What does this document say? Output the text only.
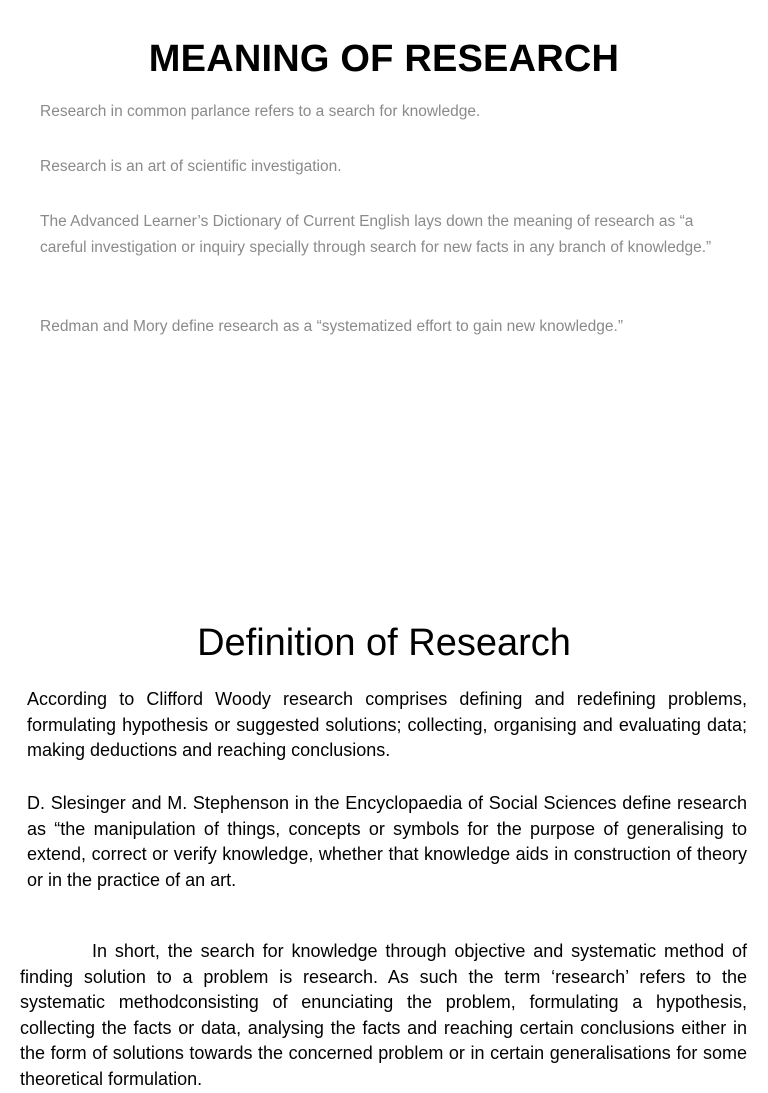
MEANING OF RESEARCH

Research in common parlance refers to a search for knowledge.

Research is an art of scientific investigation.

The Advanced Learner’s Dictionary of Current English lays down the meaning of research as “a careful investigation or inquiry specially through search for new facts in any branch of knowledge.”

Redman and Mory define research as a “systematized effort to gain new knowledge.”

Definition of Research

According to Clifford Woody research comprises defining and redefining problems, formulating hypothesis or suggested solutions; collecting, organising and evaluating data; making deductions and reaching conclusions.

D. Slesinger and M. Stephenson in the Encyclopaedia of Social Sciences define research as “the manipulation of things, concepts or symbols for the purpose of generalising to extend, correct or verify knowledge, whether that knowledge aids in construction of theory or in the practice of an art.

In short, the search for knowledge through objective and systematic method of finding solution to a problem is research. As such the term ‘research’ refers to the systematic methodconsisting of enunciating the problem, formulating a hypothesis, collecting the facts or data, analysing the facts and reaching certain conclusions either in the form of solutions towards the concerned problem or in certain generalisations for some theoretical formulation.
